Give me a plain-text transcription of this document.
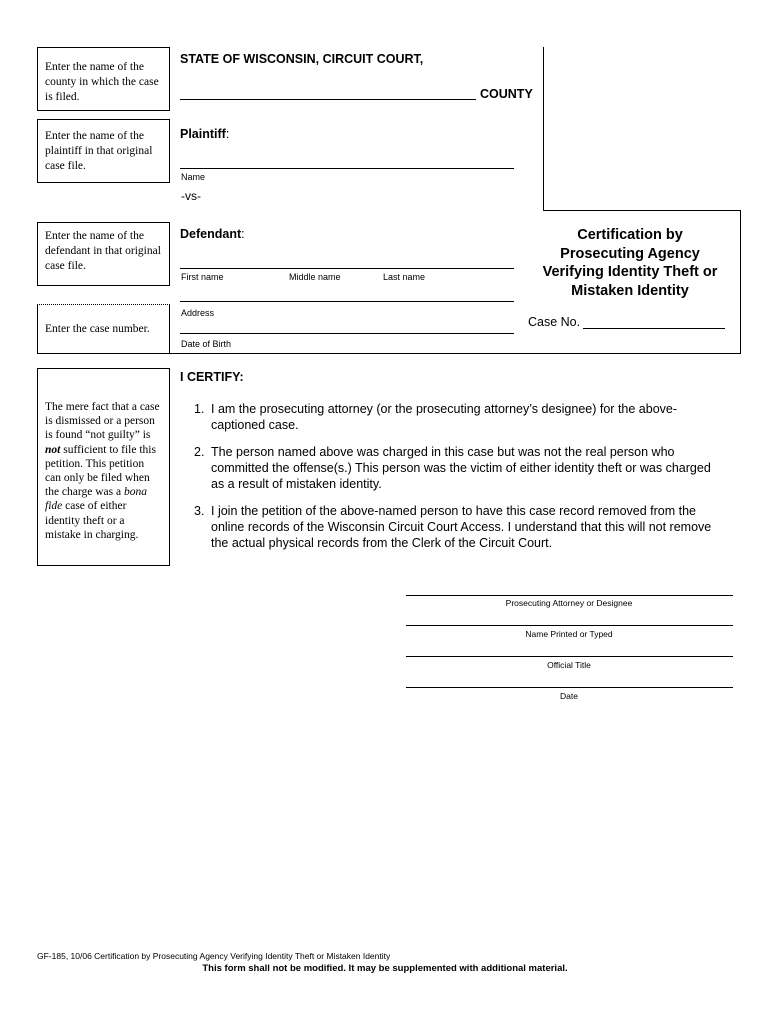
Enter the name of the county in which the case is filed.
Enter the name of the plaintiff in that original case file.
Enter the name of the defendant in that original case file.
Enter the case number.
The mere fact that a case is dismissed or a person is found “not guilty” is not sufficient to file this petition. This petition can only be filed when the charge was a bona fide case of either identity theft or a mistake in charging.
STATE OF WISCONSIN, CIRCUIT COURT,
COUNTY
Plaintiff:
Name
-vs-
Defendant:
First name	Middle name	Last name
Address
Date of Birth
Certification by
Prosecuting Agency
Verifying Identity Theft or
Mistaken Identity
Case No.
I CERTIFY:
1. I am the prosecuting attorney (or the prosecuting attorney’s designee) for the above-
captioned case.
2. The person named above was charged in this case but was not the real person who
committed the offense(s.) This person was the victim of either identity theft or was charged
as a result of mistaken identity.
3. I join the petition of the above-named person to have this case record removed from the
online records of the Wisconsin Circuit Court Access. I understand that this will not remove
the actual physical records from the Clerk of the Circuit Court.
Prosecuting Attorney or Designee
Name Printed or Typed
Official Title
Date
GF-185, 10/06 Certification by Prosecuting Agency Verifying Identity Theft or Mistaken Identity
This form shall not be modified. It may be supplemented with additional material.
